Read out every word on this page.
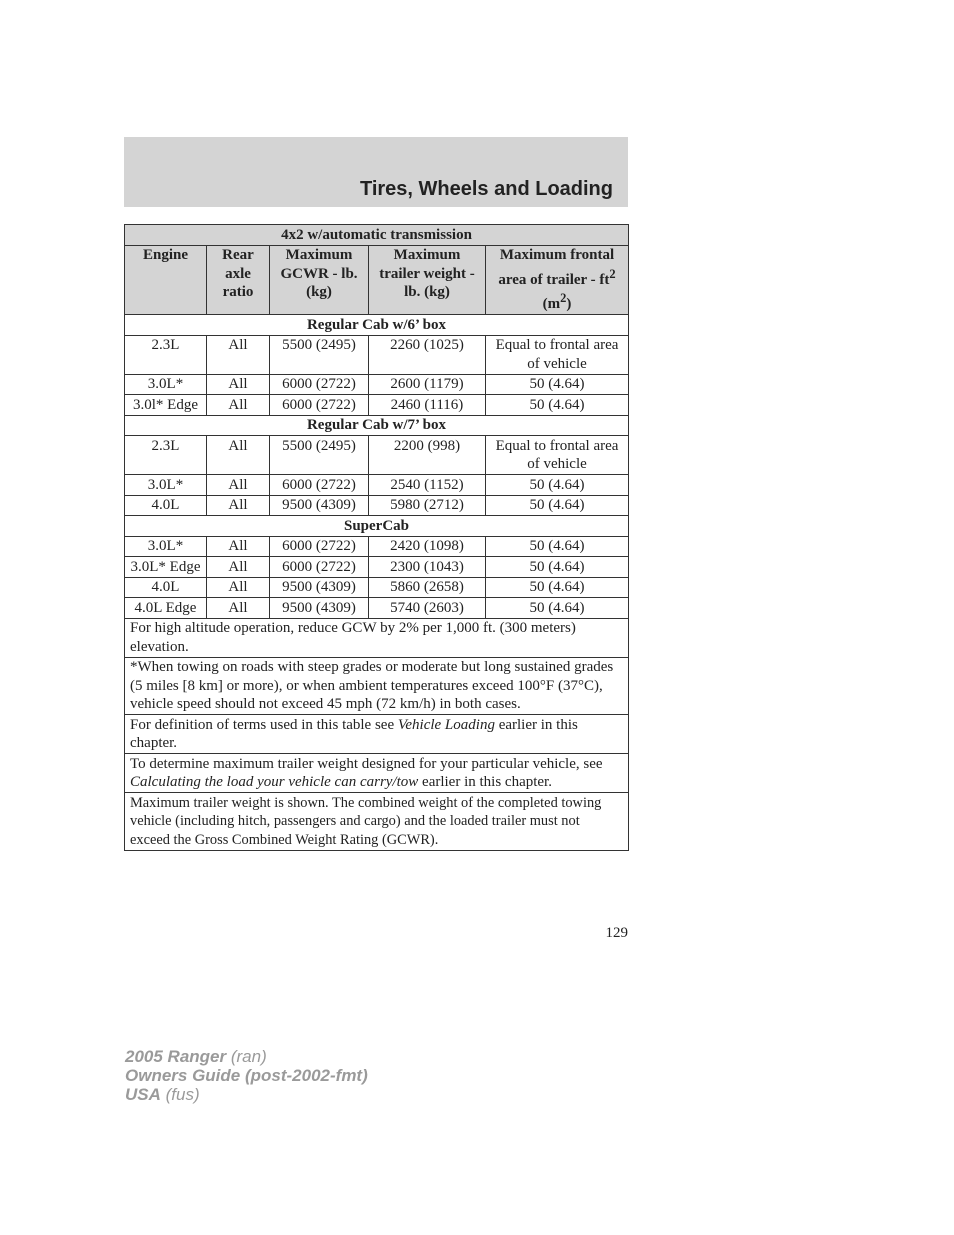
Tires, Wheels and Loading
4x2 w/automatic transmission				
Engine	Rear axle ratio	Maximum GCWR - lb. (kg)	Maximum trailer weight - lb. (kg)	Maximum frontal area of trailer - $ft^2$ $(m^2)$
Regular Cab w/6’ box				
2.3L	All	5500 (2495)	2260 (1025)	Equal to frontal area of vehicle
3.0L*	All	6000 (2722)	2600 (1179)	50 (4.64)
3.0l* Edge	All	6000 (2722)	2460 (1116)	50 (4.64)
Regular Cab w/7’ box				
2.3L	All	5500 (2495)	2200 (998)	Equal to frontal area of vehicle
3.0L*	All	6000 (2722)	2540 (1152)	50 (4.64)
4.0L	All	9500 (4309)	5980 (2712)	50 (4.64)
SuperCab				
3.0L*	All	6000 (2722)	2420 (1098)	50 (4.64)
3.0L* Edge	All	6000 (2722)	2300 (1043)	50 (4.64)
4.0L	All	9500 (4309)	5860 (2658)	50 (4.64)
4.0L Edge	All	9500 (4309)	5740 (2603)	50 (4.64)
For high altitude operation, reduce GCW by 2% per 1,000 ft. (300 meters) elevation.				
*When towing on roads with steep grades or moderate but long sustained grades (5 miles [8 km] or more), or when ambient temperatures exceed 100°F (37°C), vehicle speed should not exceed 45 mph (72 km/h) in both cases.				
For definition of terms used in this table see Vehicle Loading earlier in this chapter.				
To determine maximum trailer weight designed for your particular vehicle, see Calculating the load your vehicle can carry/tow earlier in this chapter.				
Maximum trailer weight is shown. The combined weight of the completed towing vehicle (including hitch, passengers and cargo) and the loaded trailer must not exceed the Gross Combined Weight Rating (GCWR).				

129

2005 Ranger (ran)
Owners Guide (post-2002-fmt)
USA (fus)
